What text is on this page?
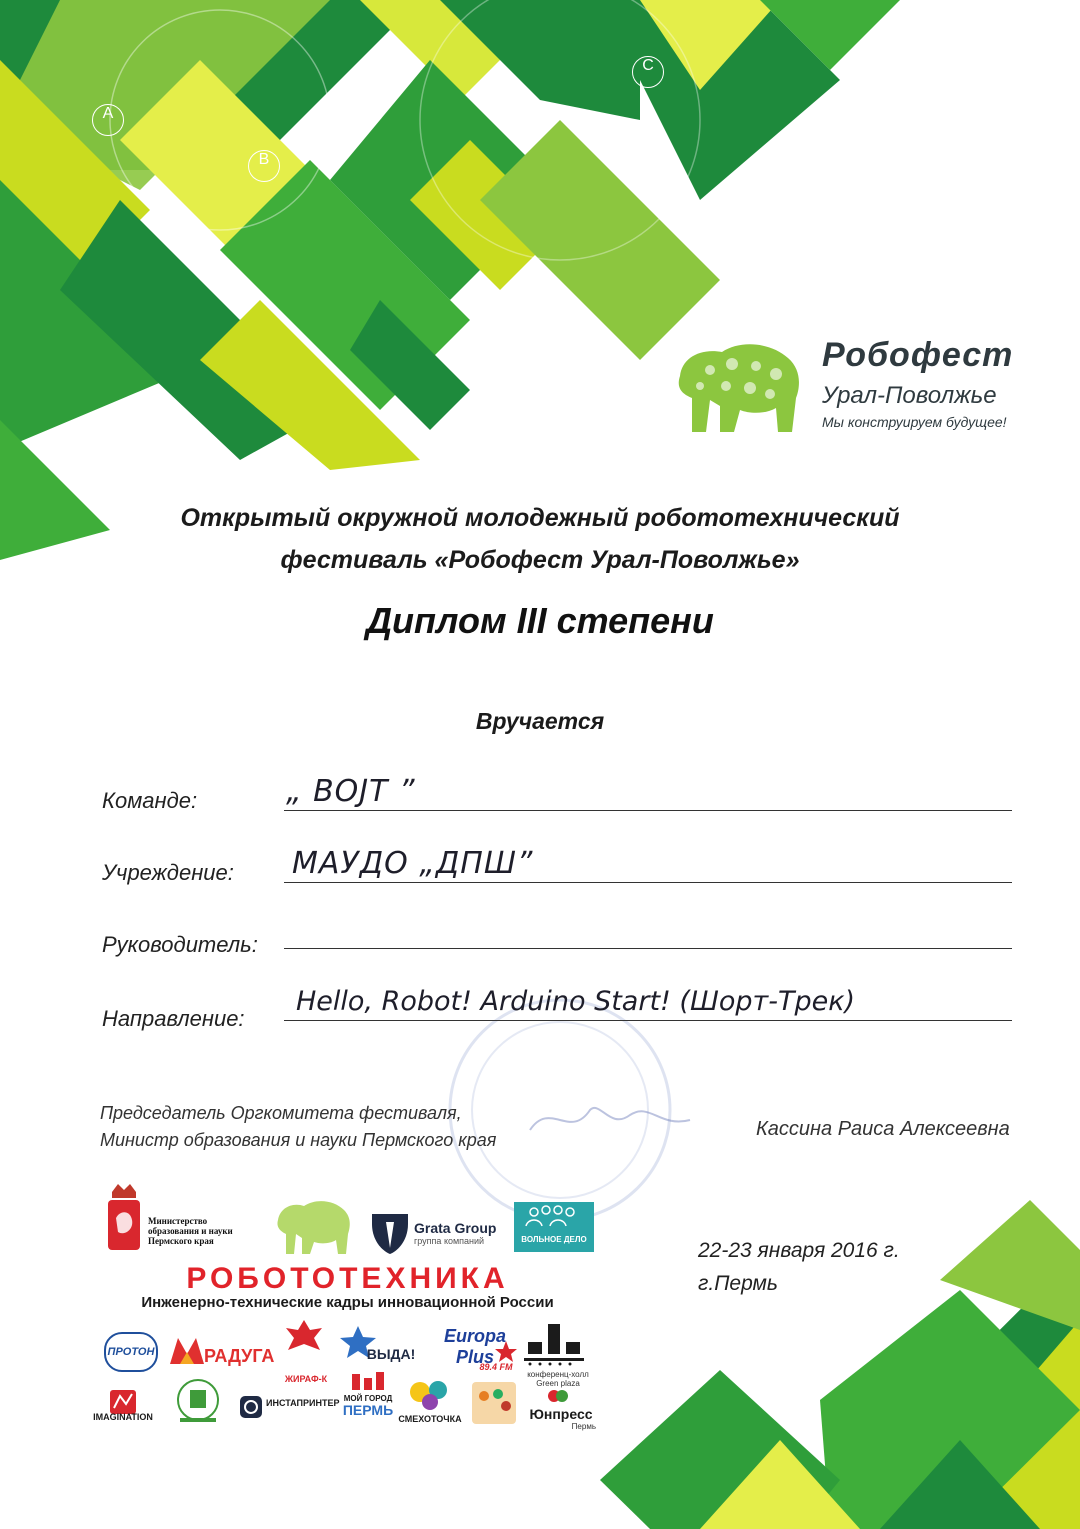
A
B
C
Робофест
Урал-Поволжье
Мы конструируем будущее!
Открытый окружной молодежный робототехнический
фестиваль «Робофест Урал-Поволжье»
Диплом III степени
Вручается
Команде:	„ BOJT ”
Учреждение: МАУДО „ДПШ”
Руководитель:
Направление:
Hello, Robot! Arduino Start! (Шорт-Трек)
Председатель Оргкомитета фестиваля,
Министр образования и науки Пермского края	Кассина Раиса Алексеевна
22-23 января 2016 г.
г.Пермь
Министерство образования и науки Пермского края
Grata Group
группа компаний	ВОЛЬНОЕ ДЕЛО
РОБОТОТЕХНИКА
Инженерно-технические кадры инновационной России
ПРОТОН	РАДУГА
ЖИРАФ-К
ВЫДА!
Europa Plus
89.4 FM
конференц-холл Green plaza
IMAGINATION
ИНСТАПРИНТЕР МОЙ ГОРОД
ПЕРМЬ
СМЕХОТОЧКА	Юнпресс
Пермь
